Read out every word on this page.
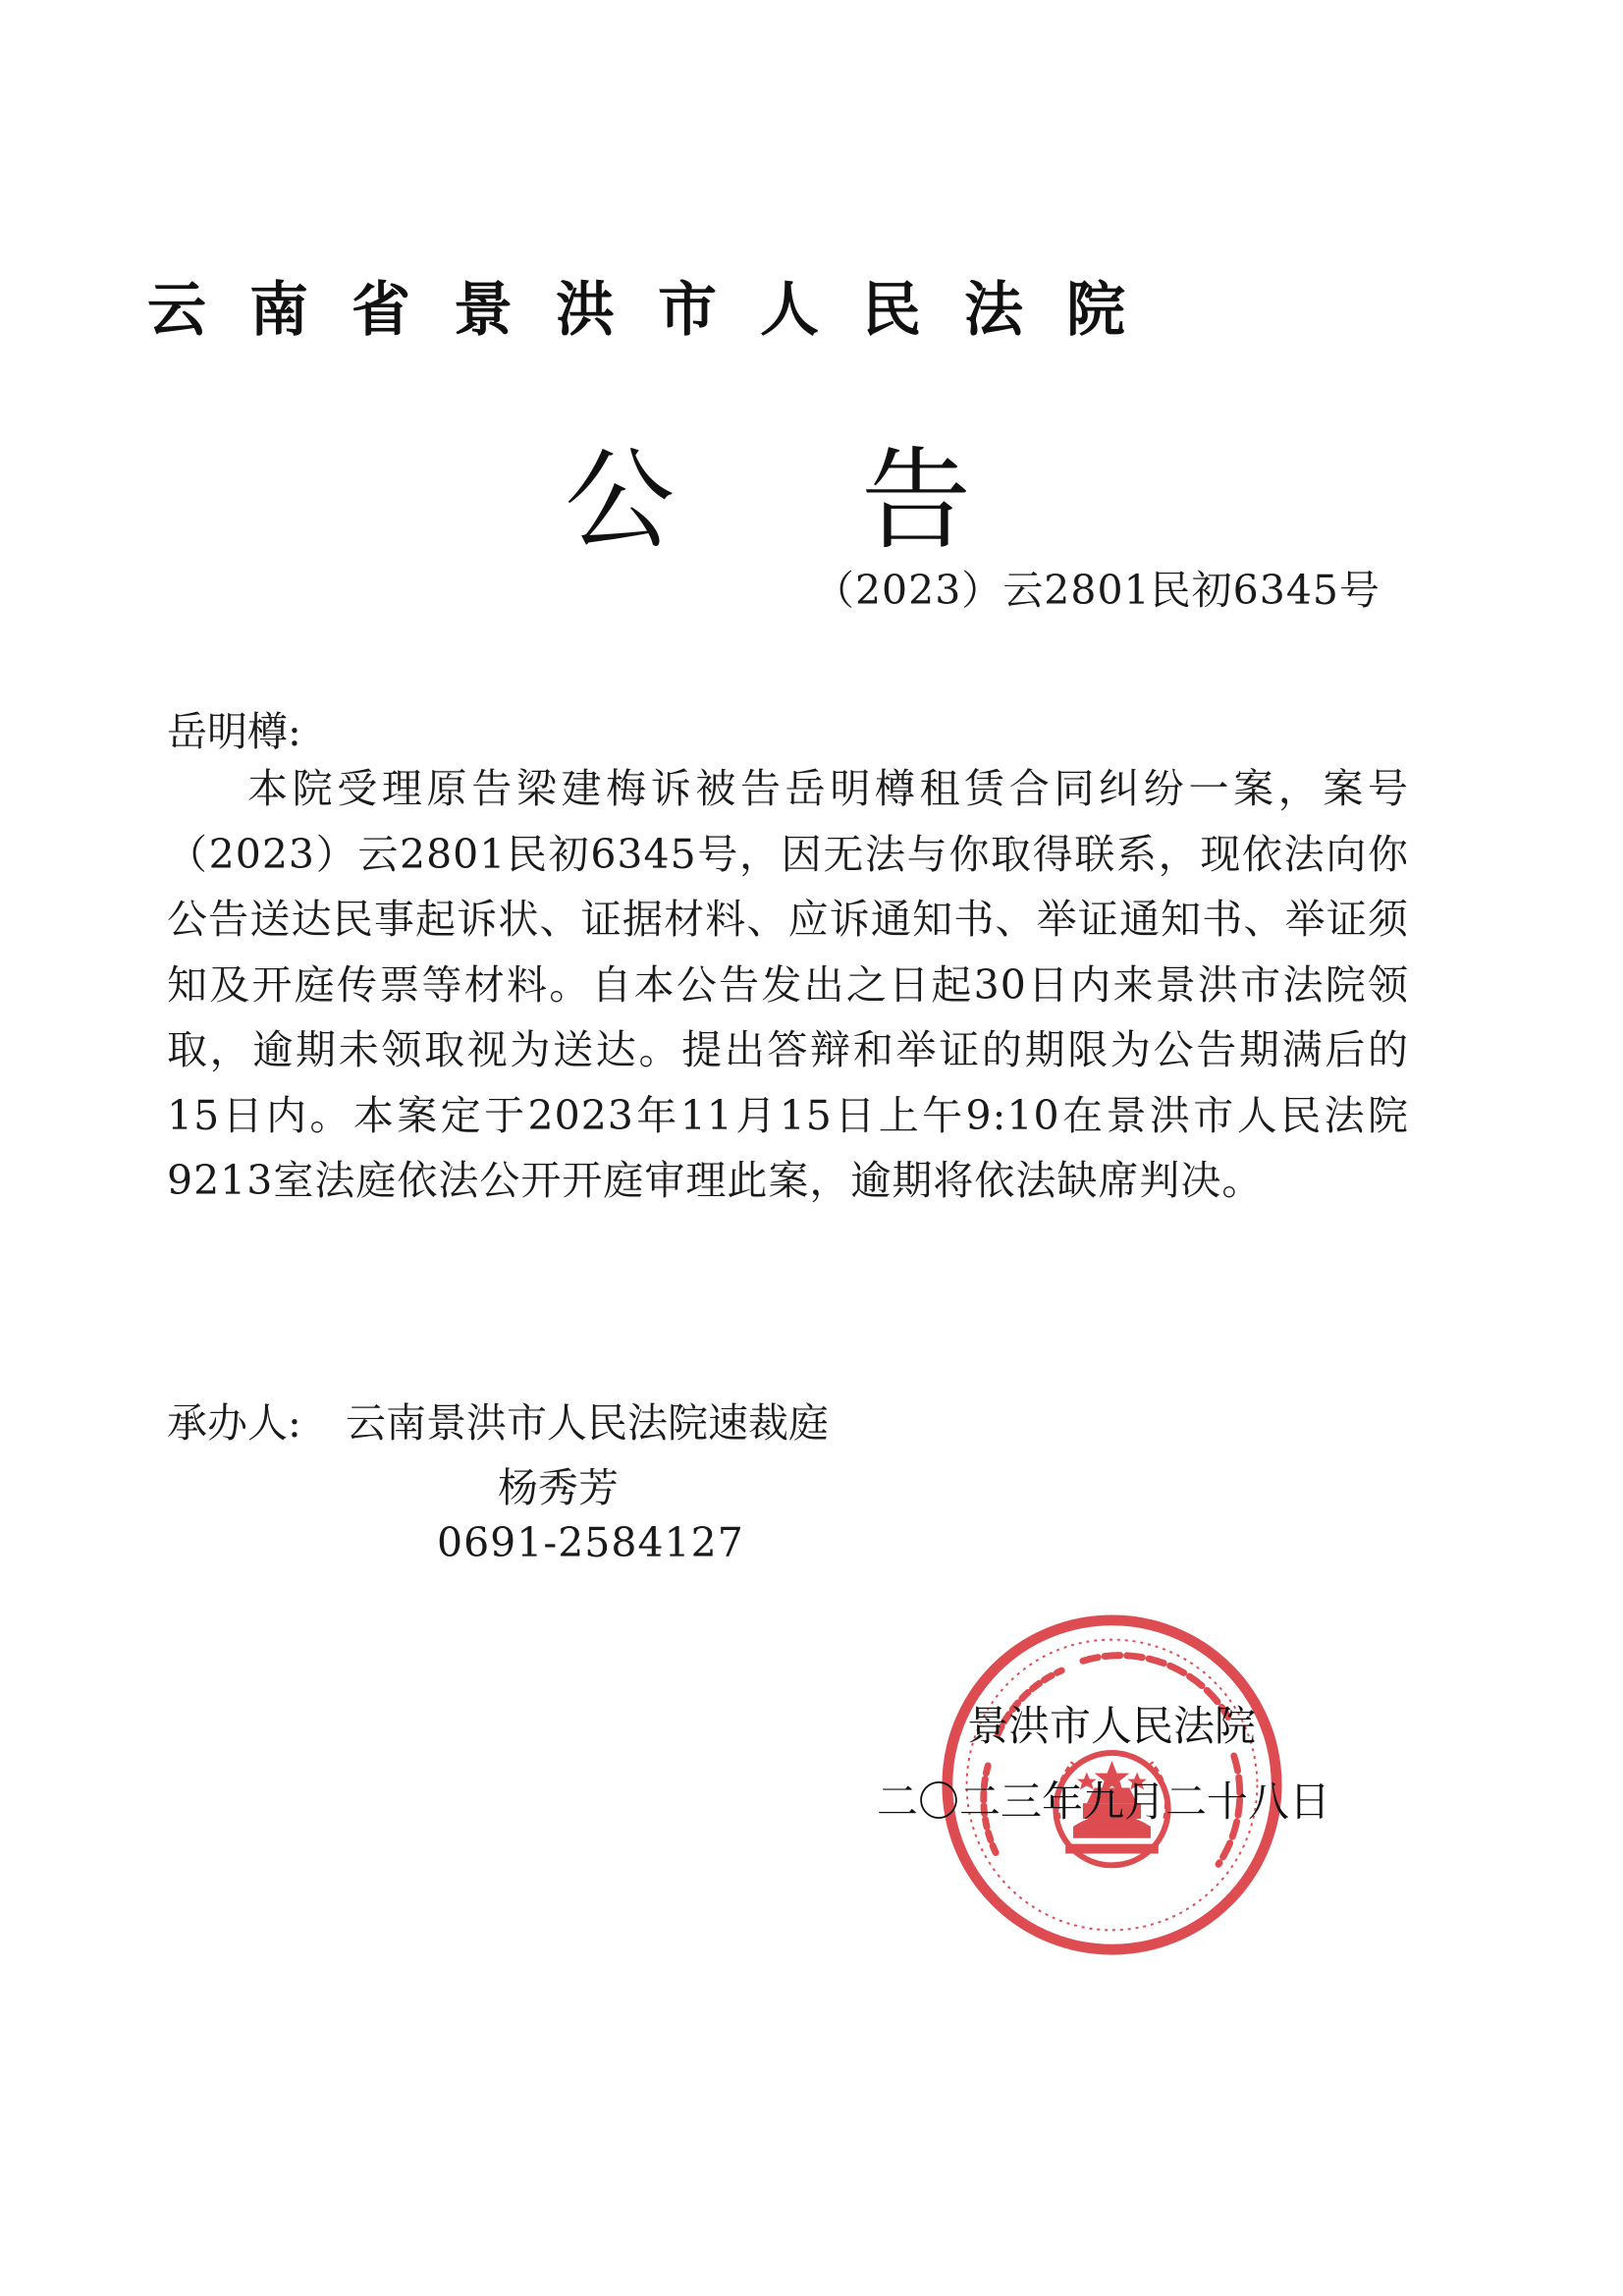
云南省景洪市人民法院
公告

（2023）云2801民初6345号

岳明樽:

本院受理原告梁建梅诉被告岳明樽租赁合同纠纷一案，案号（2023）云2801民初6345号，因无法与你取得联系，现依法向你公告送达民事起诉状、证据材料、应诉通知书、举证通知书、举证须知及开庭传票等材料。自本公告发出之日起30日内来景洪市法院领取，逾期未领取视为送达。提出答辩和举证的期限为公告期满后的15日内。本案定于2023年11月15日上午9:10在景洪市人民法院9213室法庭依法公开开庭审理此案，逾期将依法缺席判决。

承办人: 云南景洪市人民法院速裁庭

杨秀芳

0691-2584127

景洪市人民法院

二〇二三年九月二十八日
